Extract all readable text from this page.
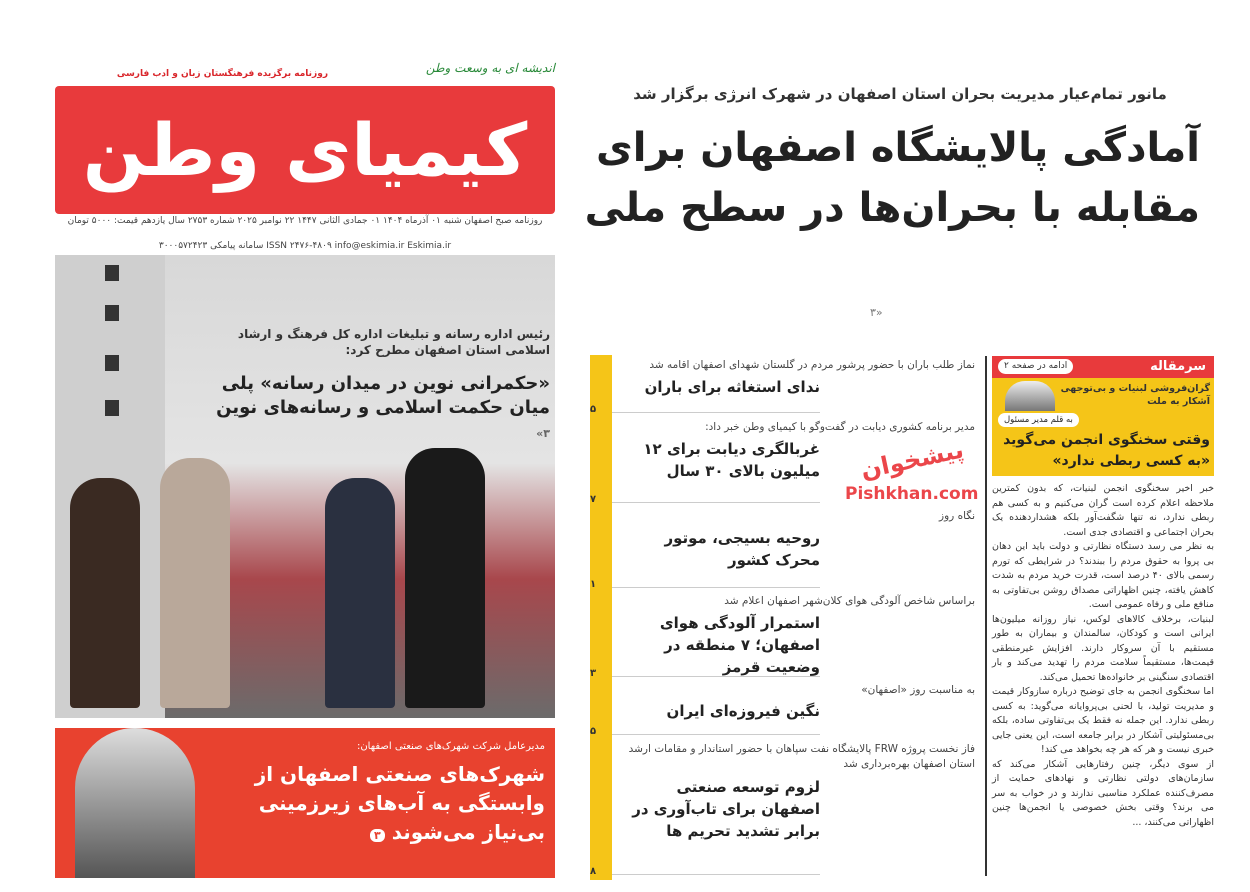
اندیشه ای به وسعت وطن
روزنامه برگزیده فرهنگستان زبان و ادب فارسی
کیمیای وطن
روزنامه صبح اصفهان شنبه ۰۱ آذرماه ۱۴۰۴ ۰۱ جمادی الثانی ۱۴۴۷ ۲۲ نوامبر ۲۰۲۵ شماره ۲۷۵۳ سال یازدهم قیمت: ۵۰۰۰ تومان
ISSN ۲۴۷۶-۴۸۰۹ info@eskimia.ir Eskimia.ir سامانه پیامکی ۳۰۰۰۵۷۲۴۲۳
رئیس اداره رسانه و تبلیغات اداره کل فرهنگ و ارشاد اسلامی استان اصفهان مطرح کرد:
«حکمرانی نوین در میدان رسانه» پلی میان حکمت اسلامی و رسانه‌های نوین ۳»
مدیرعامل شرکت شهرک‌های صنعتی اصفهان:
شهرک‌های صنعتی اصفهان از وابستگی به آب‌های زیرزمینی بی‌نیاز می‌شوند ۳
مانور تمام‌عیار مدیریت بحران استان اصفهان در شهرک انرژی برگزار شد
آمادگی پالایشگاه اصفهان برای مقابله با بحران‌ها در سطح ملی
۳»
نماز طلب باران با حضور پرشور مردم در گلستان شهدای اصفهان اقامه شد
ندای استغاثه برای باران
۵
مدیر برنامه کشوری دیابت در گفت‌وگو با کیمیای وطن خبر داد:
غربالگری دیابت برای ۱۲ میلیون بالای ۳۰ سال
۷
نگاه روز
روحیه بسیجی، موتور محرک کشور
۱
براساس شاخص آلودگی هوای کلان‌شهر اصفهان اعلام شد
استمرار آلودگی هوای اصفهان؛ ۷ منطقه در وضعیت قرمز
۳
به مناسبت روز «اصفهان»
نگین فیروزه‌ای ایران
۵
فاز نخست پروژه FRW پالایشگاه نفت سپاهان با حضور استاندار و مقامات ارشد استان اصفهان بهره‌برداری شد
لزوم توسعه صنعتی اصفهان برای تاب‌آوری در برابر تشدید تحریم ها
۸
سرمقاله
ادامه در صفحه ۲
گران‌فروشی لبنیات و بی‌توجهی آشکار به ملت
به قلم مدیر مسئول
وقتی سخنگوی انجمن می‌گوید «به کسی ربطی ندارد»

خبر اخیر سخنگوی انجمن لبنیات، که بدون کمترین ملاحظه اعلام کرده است گران می‌کنیم و به کسی هم ربطی ندارد، نه تنها شگفت‌آور بلکه هشداردهنده یک بحران اجتماعی و اقتصادی جدی است.

به نظر می رسد دستگاه نظارتی و دولت باید این دهان بی پروا به حقوق مردم را ببندند؟ در شرایطی که تورم رسمی بالای ۴۰ درصد است، قدرت خرید مردم به شدت کاهش یافته، چنین اظهاراتی مصداق روشن بی‌تفاوتی به منافع ملی و رفاه عمومی است.

لبنیات، برخلاف کالاهای لوکس، نیاز روزانه میلیون‌ها ایرانی است و کودکان، سالمندان و بیماران به طور مستقیم با آن سروکار دارند. افزایش غیرمنطقی قیمت‌ها، مستقیماً سلامت مردم را تهدید می‌کند و بار اقتصادی سنگینی بر خانواده‌ها تحمیل می‌کند.

اما سخنگوی انجمن به جای توضیح درباره سازوکار قیمت و مدیریت تولید، با لحنی بی‌پروایانه می‌گوید: به کسی ربطی ندارد. این جمله نه فقط یک بی‌تفاوتی ساده، بلکه بی‌مسئولیتی آشکار در برابر جامعه است، این یعنی جایی خبری نیست و هر که هر چه بخواهد می کند!

از سوی دیگر، چنین رفتارهایی آشکار می‌کند که سازمان‌های دولتی نظارتی و نهادهای حمایت از مصرف‌کننده عملکرد مناسبی ندارند و در خواب به سر می برند؟ وقتی بخش خصوصی یا انجمن‌ها چنین اظهاراتی می‌کنند، ...

پیشخوان
Pishkhan.com
